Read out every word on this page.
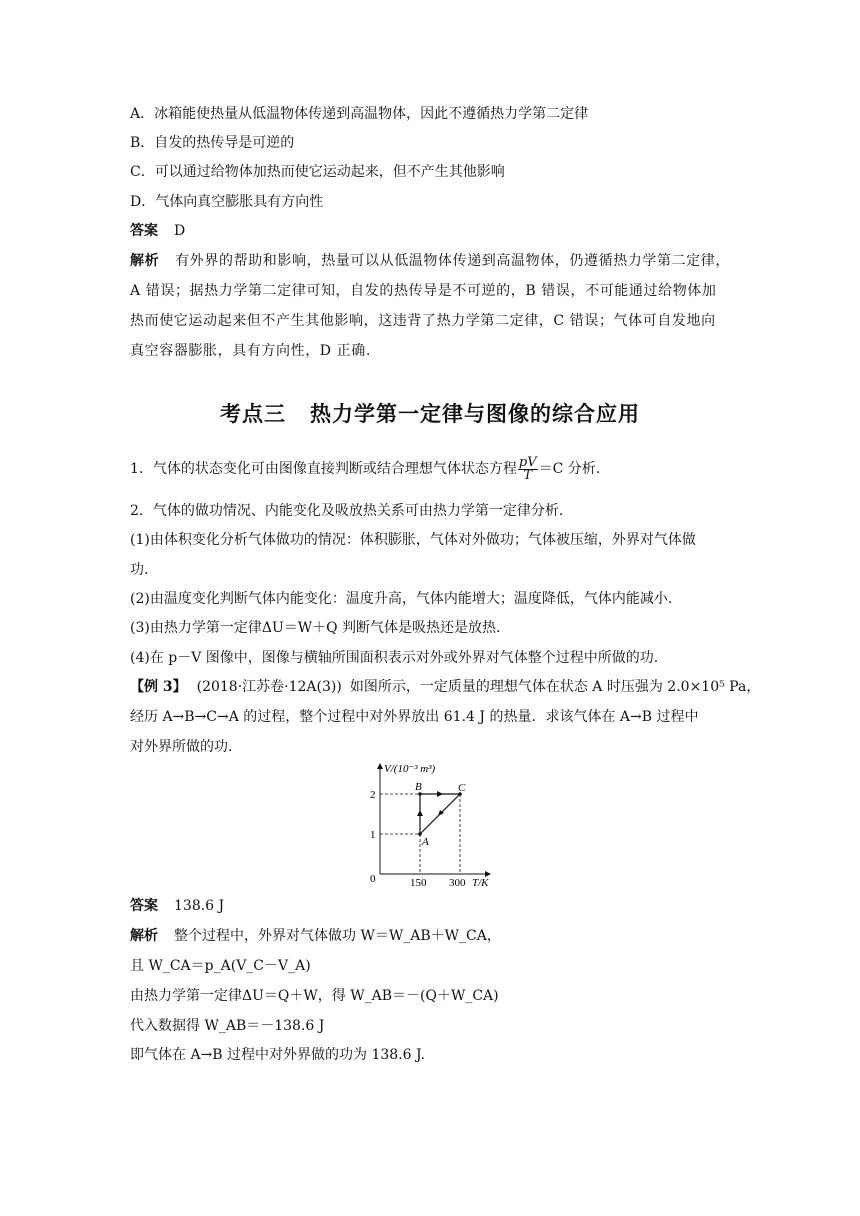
A．冰箱能使热量从低温物体传递到高温物体，因此不遵循热力学第二定律
B．自发的热传导是可逆的
C．可以通过给物体加热而使它运动起来，但不产生其他影响
D．气体向真空膨胀具有方向性
答案 D
解析 有外界的帮助和影响，热量可以从低温物体传递到高温物体，仍遵循热力学第二定律，
A 错误；据热力学第二定律可知，自发的热传导是不可逆的，B 错误，不可能通过给物体加
热而使它运动起来但不产生其他影响，这违背了热力学第二定律，C 错误；气体可自发地向
真空容器膨胀，具有方向性，D 正确.
考点三 热力学第一定律与图像的综合应用
1．气体的状态变化可由图像直接判断或结合理想气体状态方程 $\frac{pV}{T} =C$ 分析.
2．气体的做功情况、内能变化及吸放热关系可由热力学第一定律分析.
(1)由体积变化分析气体做功的情况：体积膨胀，气体对外做功；气体被压缩，外界对气体做
功.
(2)由温度变化判断气体内能变化：温度升高，气体内能增大；温度降低，气体内能减小.
(3)由热力学第一定律ΔU＝W＋Q 判断气体是吸热还是放热.
(4)在 p－V 图像中，图像与横轴所围面积表示对外或外界对气体整个过程中所做的功.
【例 3】 (2018·江苏卷·12A(3)) 如图所示，一定质量的理想气体在状态 A 时压强为 2.0×10⁵ Pa，
经历 A→B→C→A 的过程，整个过程中对外界放出 61.4 J 的热量．求该气体在 A→B 过程中
对外界所做的功.
V/(10⁻³ m³)
T/K
0
1
2
150 300
A
B	C
答案 138.6 J
解析 整个过程中，外界对气体做功 W＝W_AB＋W_CA，
且 W_CA＝p_A(V_C－V_A)
由热力学第一定律ΔU＝Q＋W，得 W_AB＝－(Q＋W_CA)
代入数据得 W_AB＝－138.6 J
即气体在 A→B 过程中对外界做的功为 138.6 J.
